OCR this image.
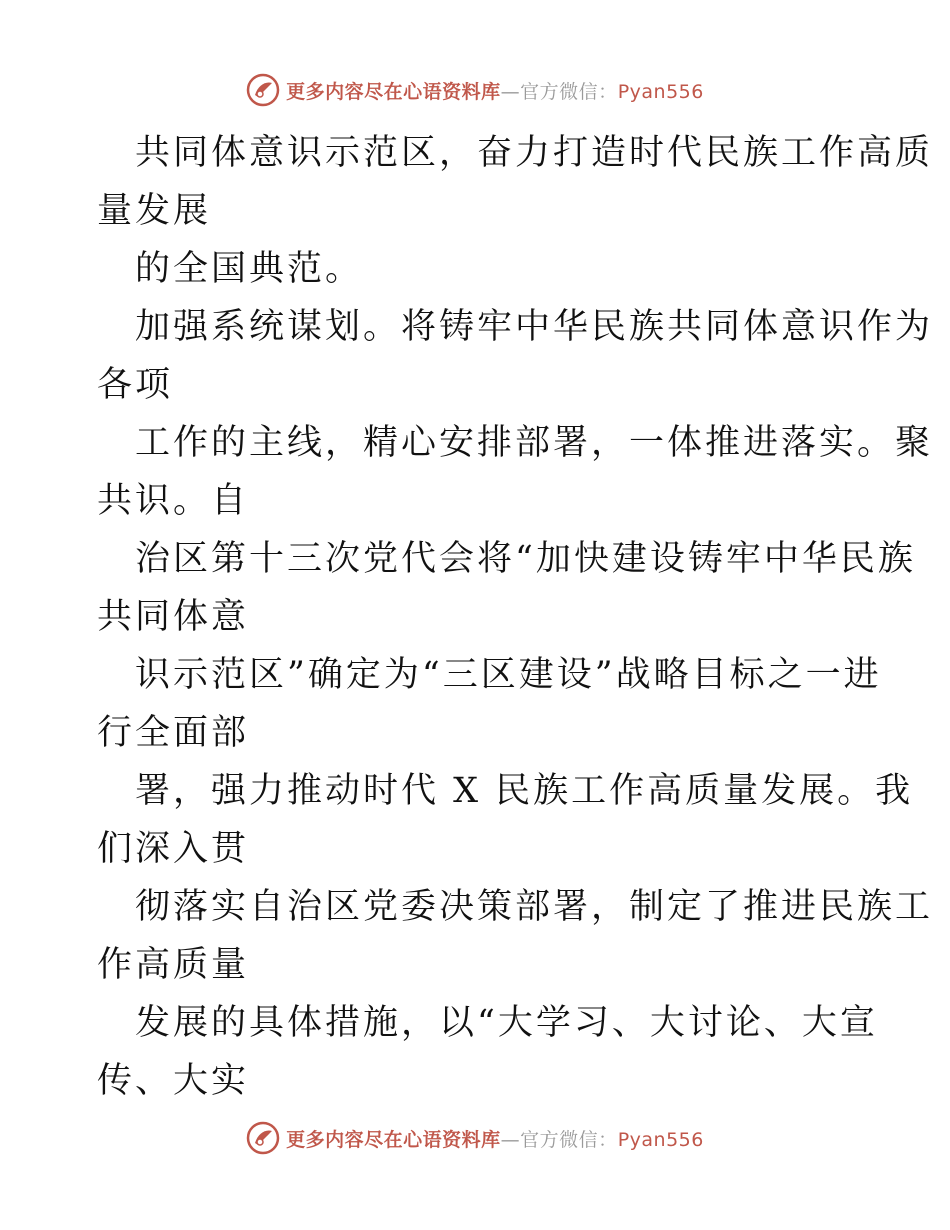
更多内容尽在心语资料库—官方微信：Pyan556
共同体意识示范区，奋力打造时代民族工作高质
量发展
的全国典范。
加强系统谋划。将铸牢中华民族共同体意识作为
各项
工作的主线，精心安排部署，一体推进落实。聚
共识。自
治区第十三次党代会将“加快建设铸牢中华民族
共同体意
识示范区”确定为“三区建设”战略目标之一进
行全面部
署，强力推动时代 X 民族工作高质量发展。我
们深入贯
彻落实自治区党委决策部署，制定了推进民族工
作高质量
发展的具体措施，以“大学习、大讨论、大宣
传、大实
更多内容尽在心语资料库—官方微信：Pyan556
